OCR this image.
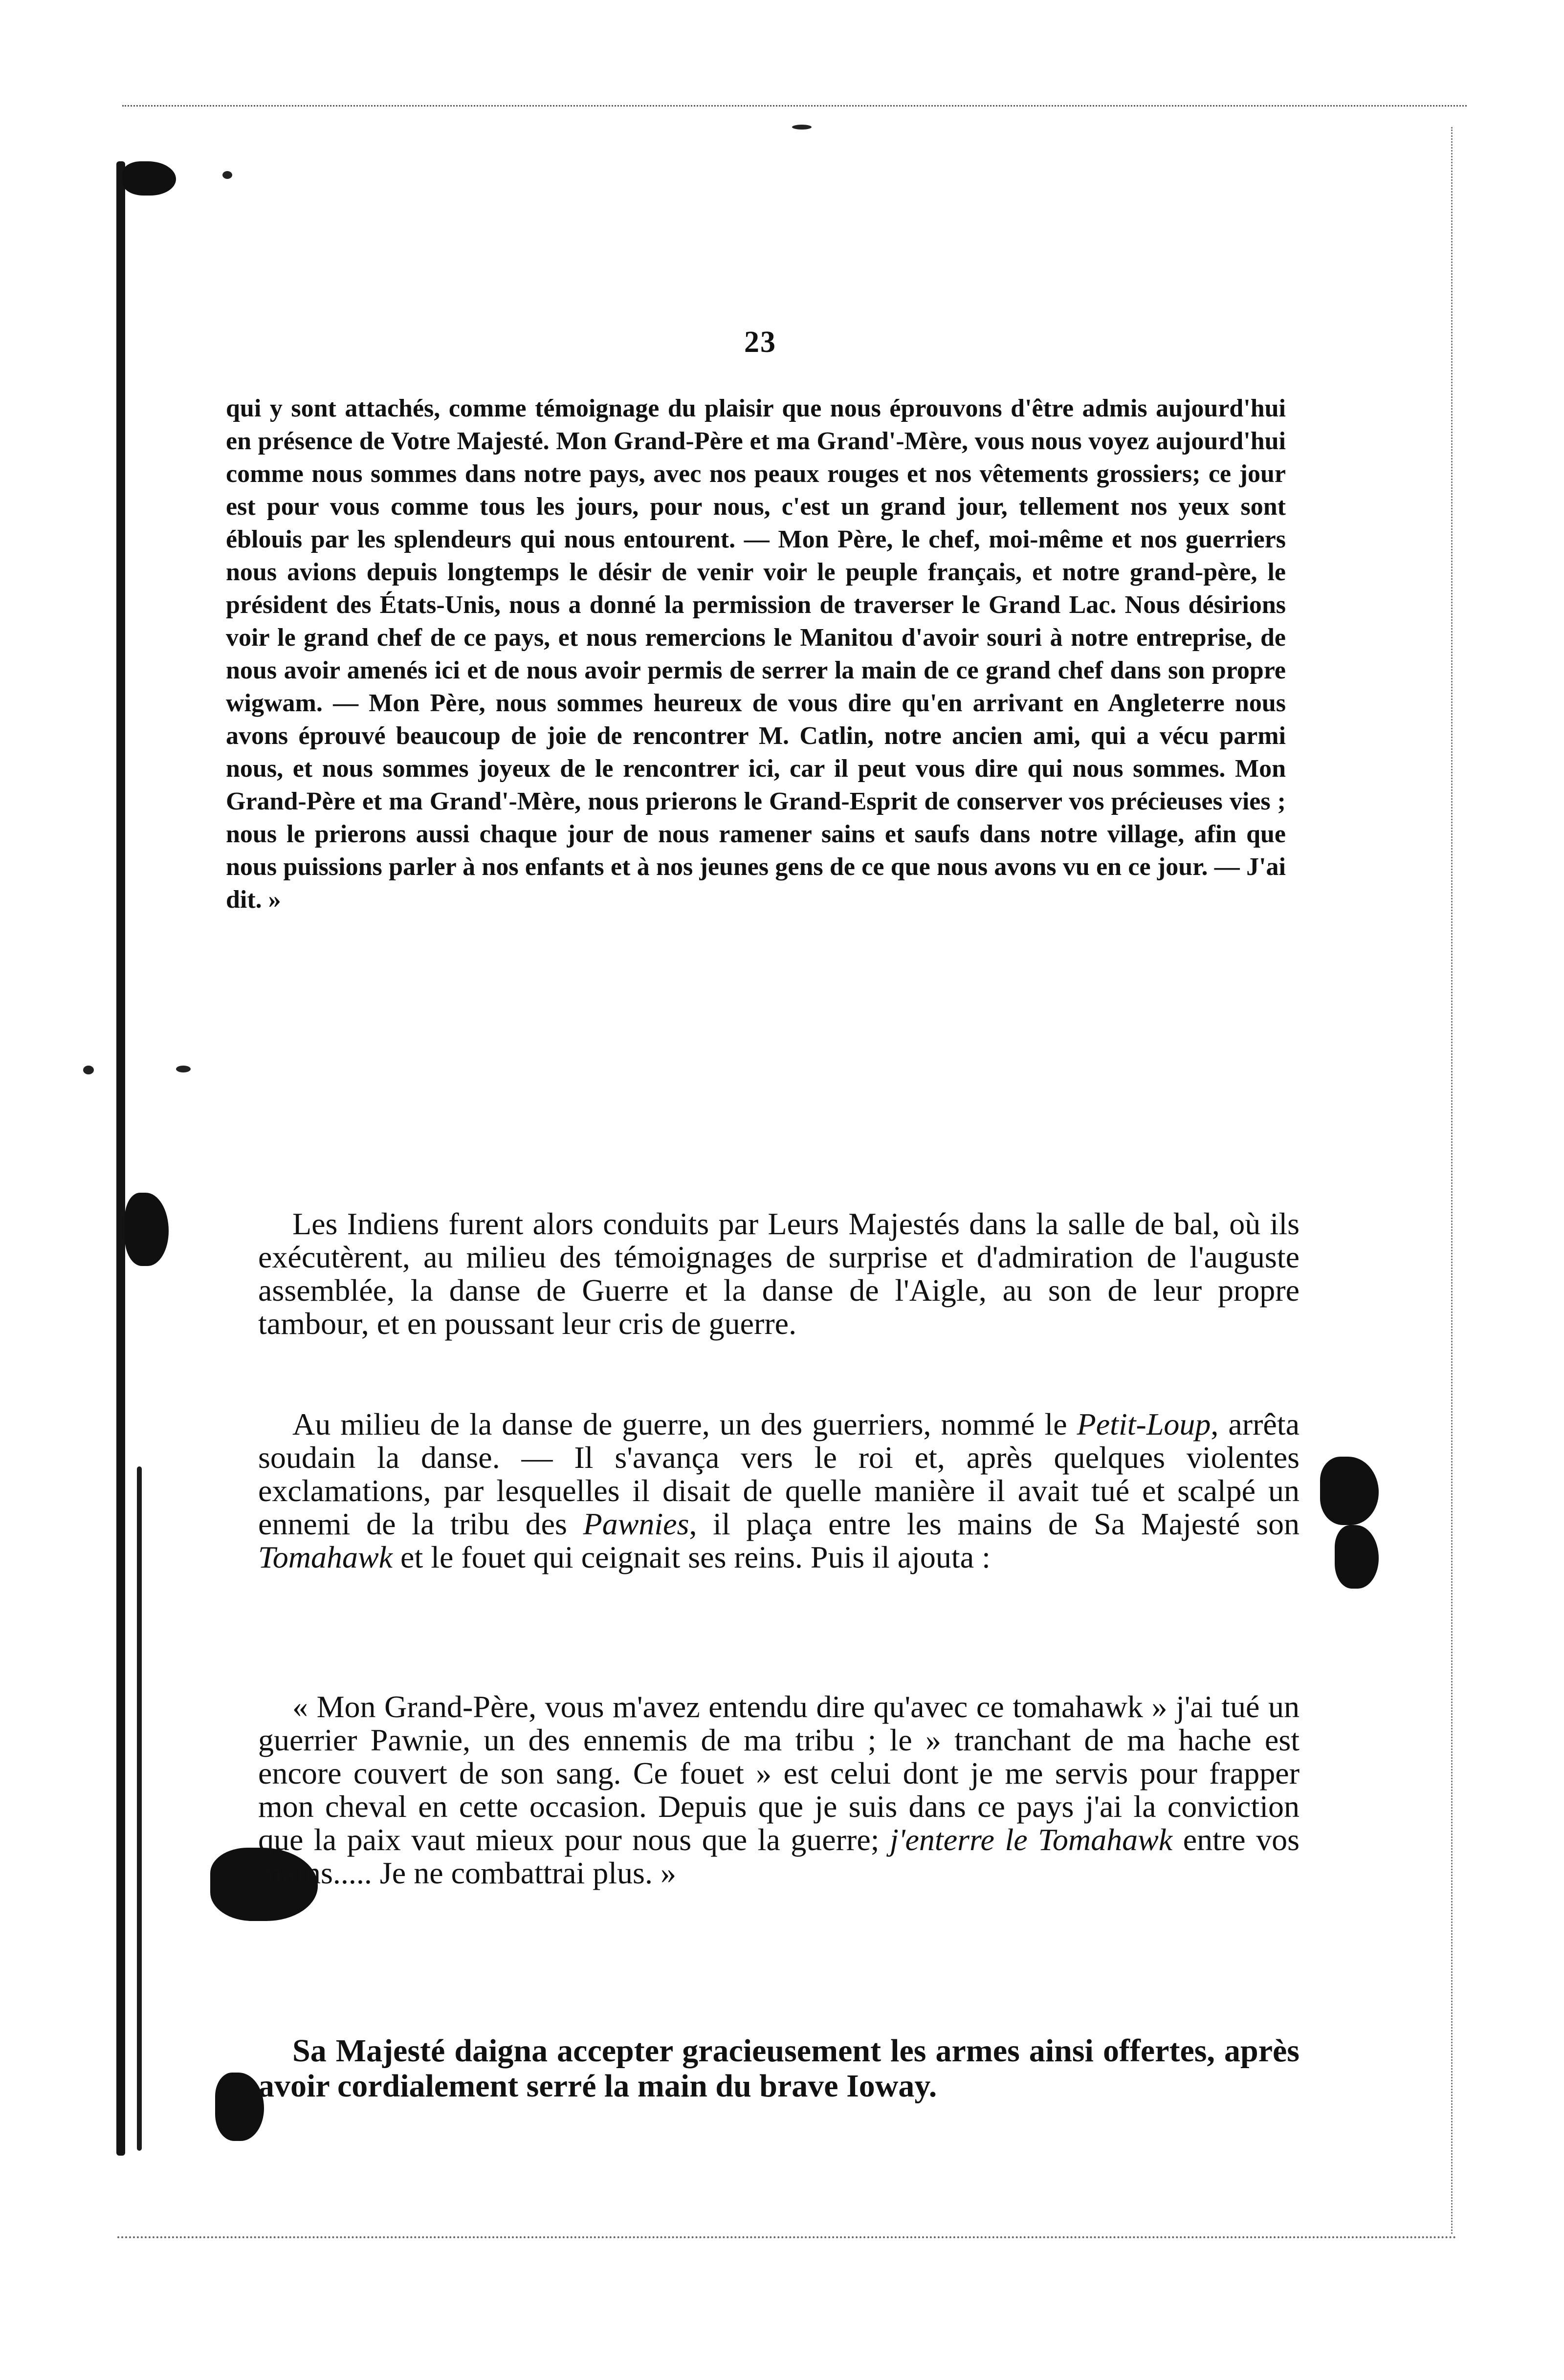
23

qui y sont attachés, comme témoignage du plaisir que nous éprouvons d'être admis aujourd'hui en présence de Votre Majesté. Mon Grand-Père et ma Grand'-Mère, vous nous voyez aujourd'hui comme nous sommes dans notre pays, avec nos peaux rouges et nos vêtements grossiers; ce jour est pour vous comme tous les jours, pour nous, c'est un grand jour, tellement nos yeux sont éblouis par les splendeurs qui nous entourent. — Mon Père, le chef, moi-même et nos guerriers nous avions depuis longtemps le désir de venir voir le peuple français, et notre grand-père, le président des États-Unis, nous a donné la permission de traverser le Grand Lac. Nous désirions voir le grand chef de ce pays, et nous remercions le Manitou d'avoir souri à notre entreprise, de nous avoir amenés ici et de nous avoir permis de serrer la main de ce grand chef dans son propre wigwam. — Mon Père, nous sommes heureux de vous dire qu'en arrivant en Angleterre nous avons éprouvé beaucoup de joie de rencontrer M. Catlin, notre ancien ami, qui a vécu parmi nous, et nous sommes joyeux de le rencontrer ici, car il peut vous dire qui nous sommes. Mon Grand-Père et ma Grand'-Mère, nous prierons le Grand-Esprit de conserver vos précieuses vies ; nous le prierons aussi chaque jour de nous ramener sains et saufs dans notre village, afin que nous puissions parler à nos enfants et à nos jeunes gens de ce que nous avons vu en ce jour. — J'ai dit. »

Les Indiens furent alors conduits par Leurs Majestés dans la salle de bal, où ils exécutèrent, au milieu des témoignages de surprise et d'admiration de l'auguste assemblée, la danse de Guerre et la danse de l'Aigle, au son de leur propre tambour, et en poussant leur cris de guerre.

Au milieu de la danse de guerre, un des guerriers, nommé le Petit-Loup, arrêta soudain la danse. — Il s'avança vers le roi et, après quelques violentes exclamations, par lesquelles il disait de quelle manière il avait tué et scalpé un ennemi de la tribu des Pawnies, il plaça entre les mains de Sa Majesté son Tomahawk et le fouet qui ceignait ses reins. Puis il ajouta :

« Mon Grand-Père, vous m'avez entendu dire qu'avec ce tomahawk » j'ai tué un guerrier Pawnie, un des ennemis de ma tribu ; le » tranchant de ma hache est encore couvert de son sang. Ce fouet » est celui dont je me servis pour frapper mon cheval en cette occasion. Depuis que je suis dans ce pays j'ai la conviction que la paix vaut mieux pour nous que la guerre; j'enterre le Tomahawk entre vos mains..... Je ne combattrai plus. »

Sa Majesté daigna accepter gracieusement les armes ainsi offertes, après avoir cordialement serré la main du brave Ioway.
